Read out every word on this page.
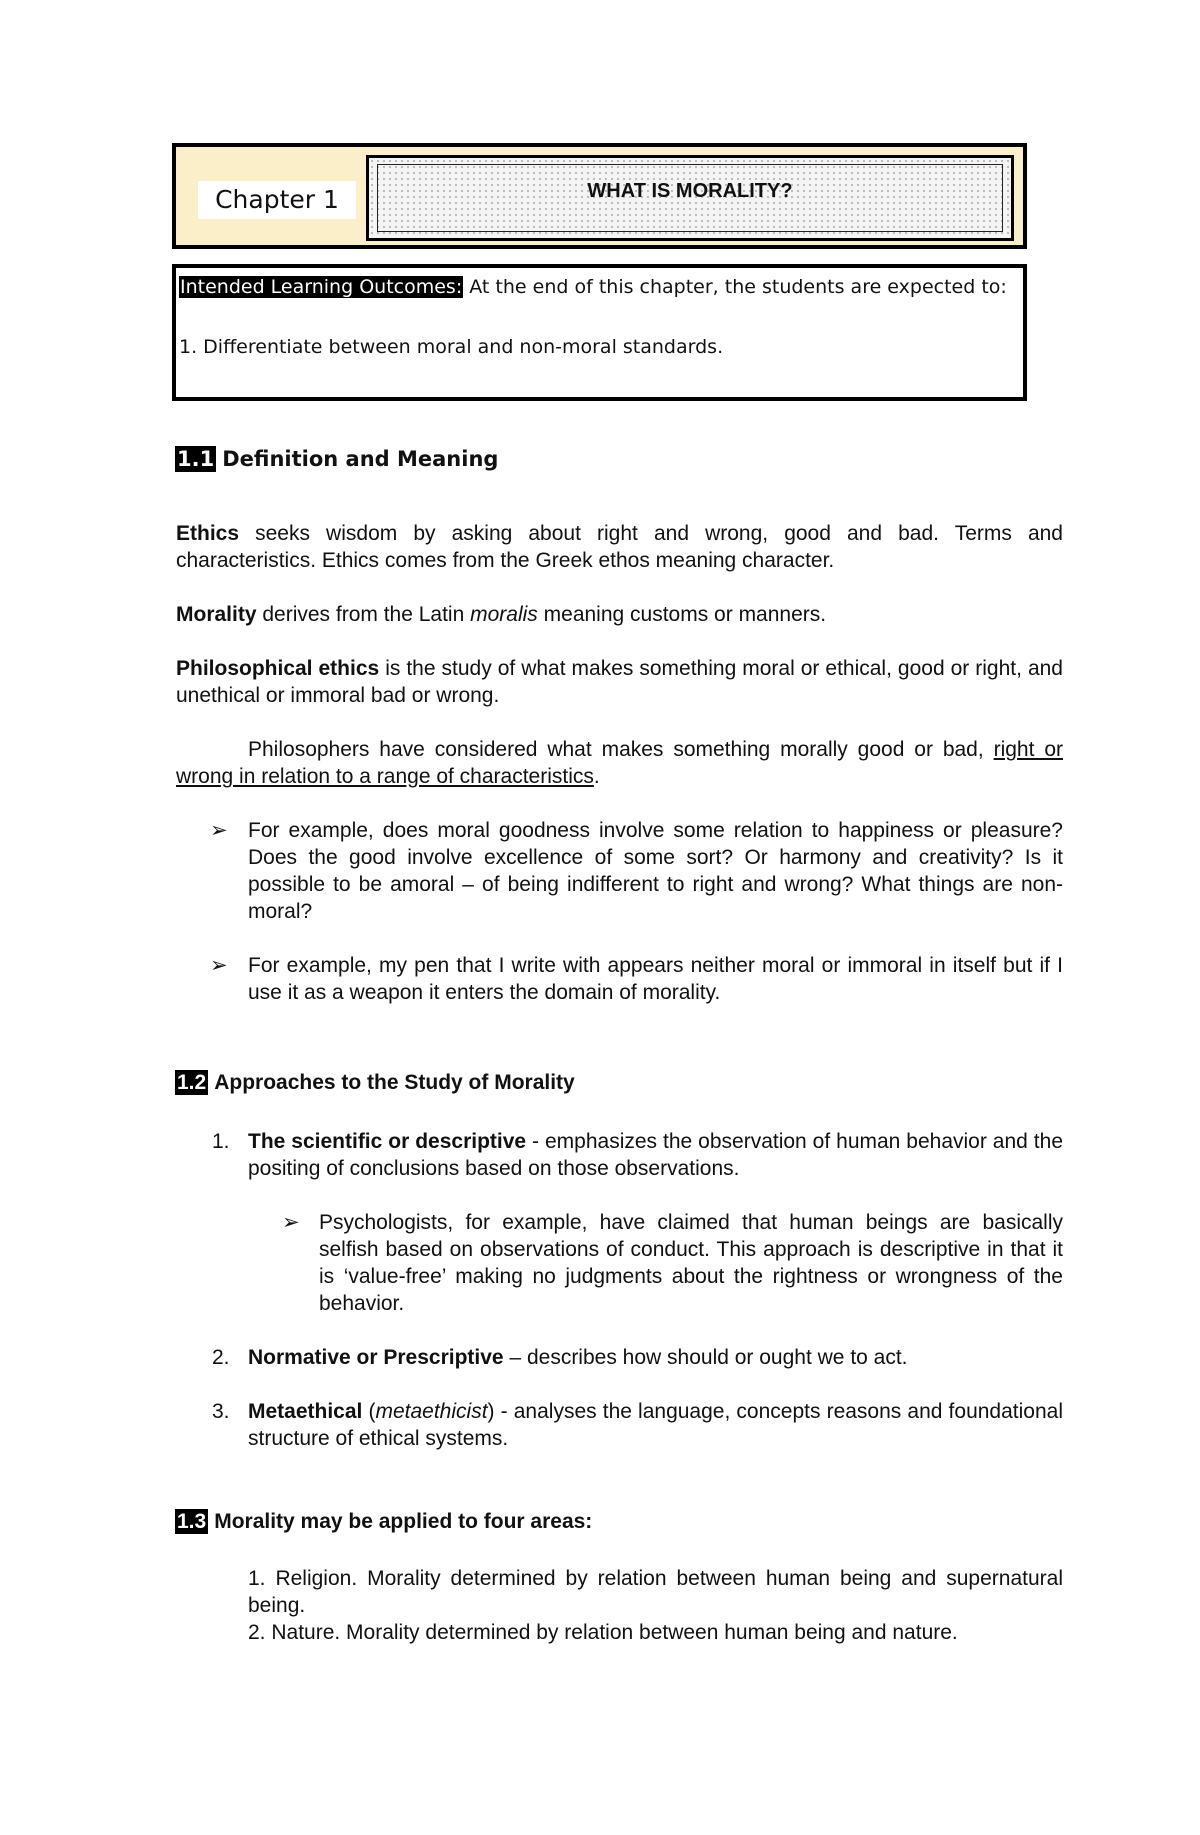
Chapter 1	WHAT IS MORALITY?
Intended Learning Outcomes: At the end of this chapter, the students are expected to:
1. Differentiate between moral and non-moral standards.
1.1 Definition and Meaning
Ethics seeks wisdom by asking about right and wrong, good and bad. Terms and characteristics. Ethics comes from the Greek ethos meaning character.
Morality derives from the Latin moralis meaning customs or manners.
Philosophical ethics is the study of what makes something moral or ethical, good or right, and unethical or immoral bad or wrong.
Philosophers have considered what makes something morally good or bad, right or wrong in relation to a range of characteristics.
➢ For example, does moral goodness involve some relation to happiness or pleasure? Does the good involve excellence of some sort? Or harmony and creativity? Is it possible to be amoral – of being indifferent to right and wrong? What things are non-moral?
➢ For example, my pen that I write with appears neither moral or immoral in itself but if I use it as a weapon it enters the domain of morality.
1.2 Approaches to the Study of Morality
1. The scientific or descriptive - emphasizes the observation of human behavior and the positing of conclusions based on those observations.
➢ Psychologists, for example, have claimed that human beings are basically selfish based on observations of conduct. This approach is descriptive in that it is ‘value-free’ making no judgments about the rightness or wrongness of the behavior.
2. Normative or Prescriptive – describes how should or ought we to act.
3. Metaethical (metaethicist) - analyses the language, concepts reasons and foundational structure of ethical systems.
1.3 Morality may be applied to four areas:
1. Religion. Morality determined by relation between human being and supernatural being.
2. Nature. Morality determined by relation between human being and nature.
